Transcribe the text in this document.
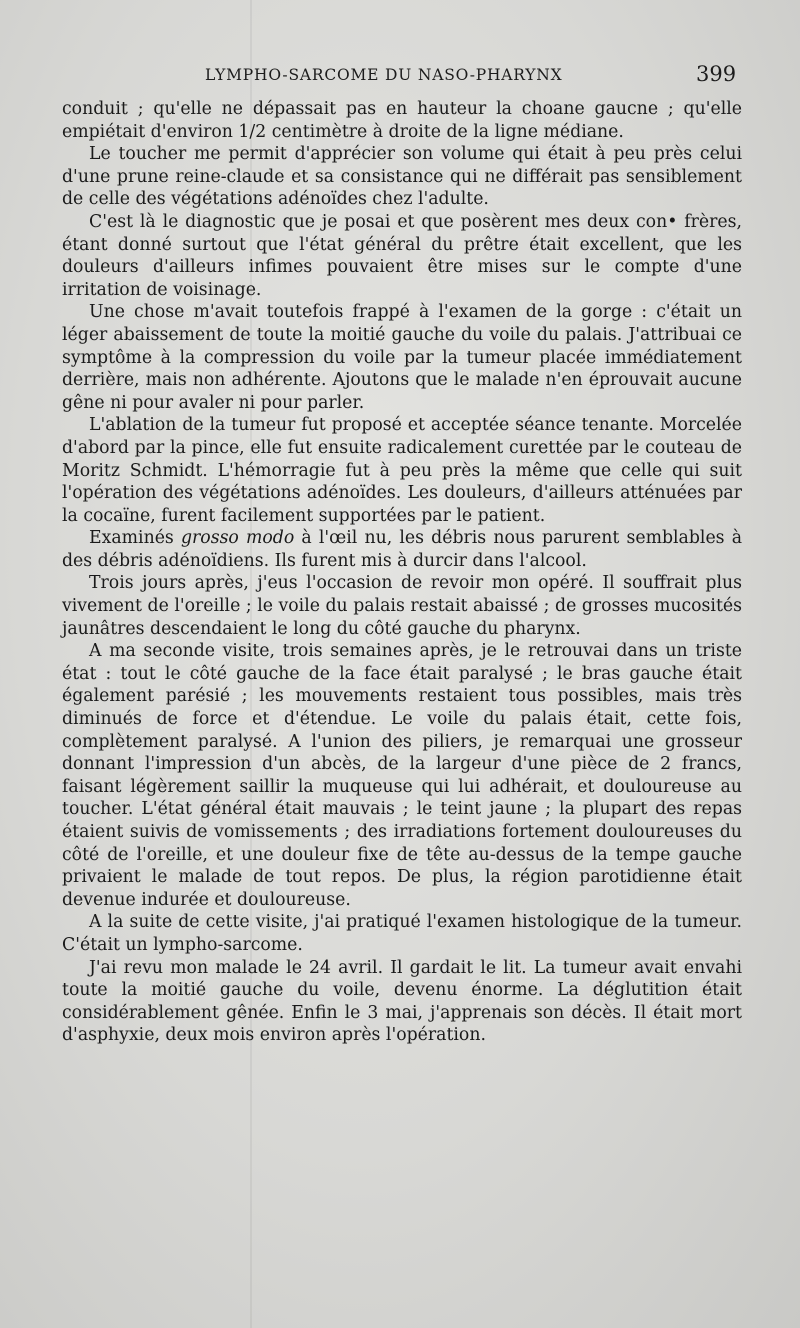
LYMPHO-SARCOME DU NASO-PHARYNX	399

conduit ; qu'elle ne dépassait pas en hauteur la choane gaucne ; qu'elle empiétait d'environ 1/2 centimètre à droite de la ligne médiane.

Le toucher me permit d'apprécier son volume qui était à peu près celui d'une prune reine-claude et sa consistance qui ne différait pas sensiblement de celle des végétations adénoïdes chez l'adulte.

C'est là le diagnostic que je posai et que posèrent mes deux con• frères, étant donné surtout que l'état général du prêtre était excellent, que les douleurs d'ailleurs infimes pouvaient être mises sur le compte d'une irritation de voisinage.

Une chose m'avait toutefois frappé à l'examen de la gorge : c'était un léger abaissement de toute la moitié gauche du voile du palais. J'attribuai ce symptôme à la compression du voile par la tumeur placée immédiatement derrière, mais non adhérente. Ajoutons que le malade n'en éprouvait aucune gêne ni pour avaler ni pour parler.

L'ablation de la tumeur fut proposé et acceptée séance tenante. Morcelée d'abord par la pince, elle fut ensuite radicalement curettée par le couteau de Moritz Schmidt. L'hémorragie fut à peu près la même que celle qui suit l'opération des végétations adénoïdes. Les douleurs, d'ailleurs atténuées par la cocaïne, furent facilement supportées par le patient.

Examinés grosso modo à l'œil nu, les débris nous parurent semblables à des débris adénoïdiens. Ils furent mis à durcir dans l'alcool.

Trois jours après, j'eus l'occasion de revoir mon opéré. Il souffrait plus vivement de l'oreille ; le voile du palais restait abaissé ; de grosses mucosités jaunâtres descendaient le long du côté gauche du pharynx.

A ma seconde visite, trois semaines après, je le retrouvai dans un triste état : tout le côté gauche de la face était paralysé ; le bras gauche était également parésié ; les mouvements restaient tous possibles, mais très diminués de force et d'étendue. Le voile du palais était, cette fois, complètement paralysé. A l'union des piliers, je remarquai une grosseur donnant l'impression d'un abcès, de la largeur d'une pièce de 2 francs, faisant légèrement saillir la muqueuse qui lui adhérait, et douloureuse au toucher. L'état général était mauvais ; le teint jaune ; la plupart des repas étaient suivis de vomissements ; des irradiations fortement douloureuses du côté de l'oreille, et une douleur fixe de tête au-dessus de la tempe gauche privaient le malade de tout repos. De plus, la région parotidienne était devenue indurée et douloureuse.

A la suite de cette visite, j'ai pratiqué l'examen histologique de la tumeur. C'était un lympho-sarcome.

J'ai revu mon malade le 24 avril. Il gardait le lit. La tumeur avait envahi toute la moitié gauche du voile, devenu énorme. La déglutition était considérablement gênée. Enfin le 3 mai, j'apprenais son décès. Il était mort d'asphyxie, deux mois environ après l'opération.
